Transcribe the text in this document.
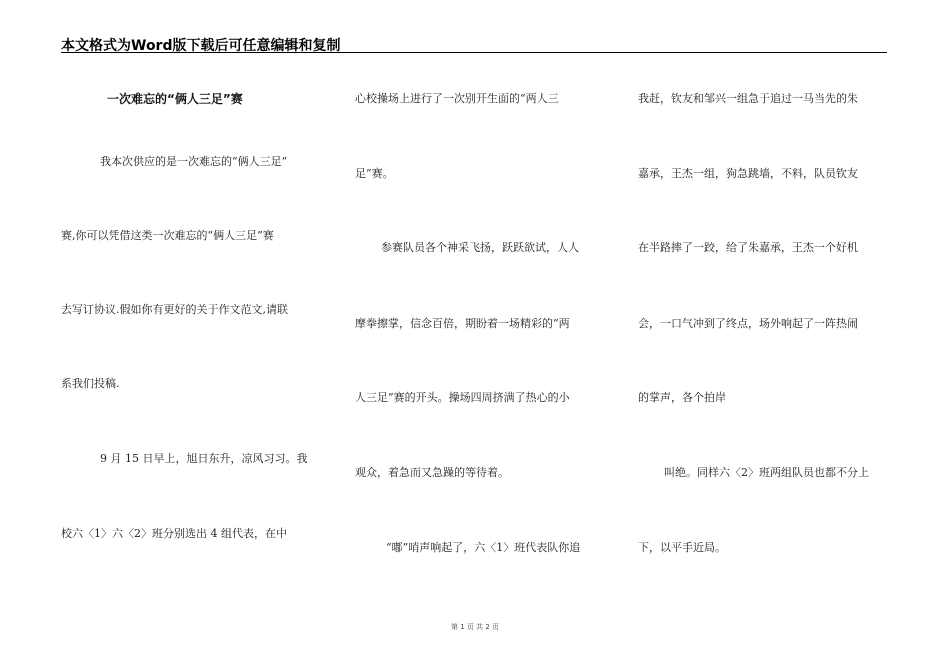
本文格式为Word版下载后可任意编辑和复制
一次难忘的“俩人三足”赛
我本次供应的是一次难忘的“俩人三足”
赛,你可以凭借这类一次难忘的“俩人三足”赛
去写订协议.假如你有更好的关于作文范文,请联
系我们投稿.
9 月 15 日早上，旭日东升，凉风习习。我
校六〈1〉六〈2〉班分别选出 4 组代表，在中
心校操场上进行了一次别开生面的“两人三
足”赛。
参赛队员各个神采飞扬，跃跃欲试，人人
摩拳擦掌，信念百倍，期盼着一场精彩的“两
人三足”赛的开头。操场四周挤满了热心的小
观众，着急而又急躁的等待着。
“嘟”哨声响起了，六〈1〉班代表队你追
我赶，钦友和邹兴一组急于追过一马当先的朱
嘉承，王杰一组，狗急跳墙，不料，队员钦友
在半路摔了一跤，给了朱嘉承，王杰一个好机
会，一口气冲到了终点，场外响起了一阵热闹
的掌声，各个拍岸
叫绝。同样六〈2〉班两组队员也都不分上
下，以平手近局。
第 1 页 共 2 页
